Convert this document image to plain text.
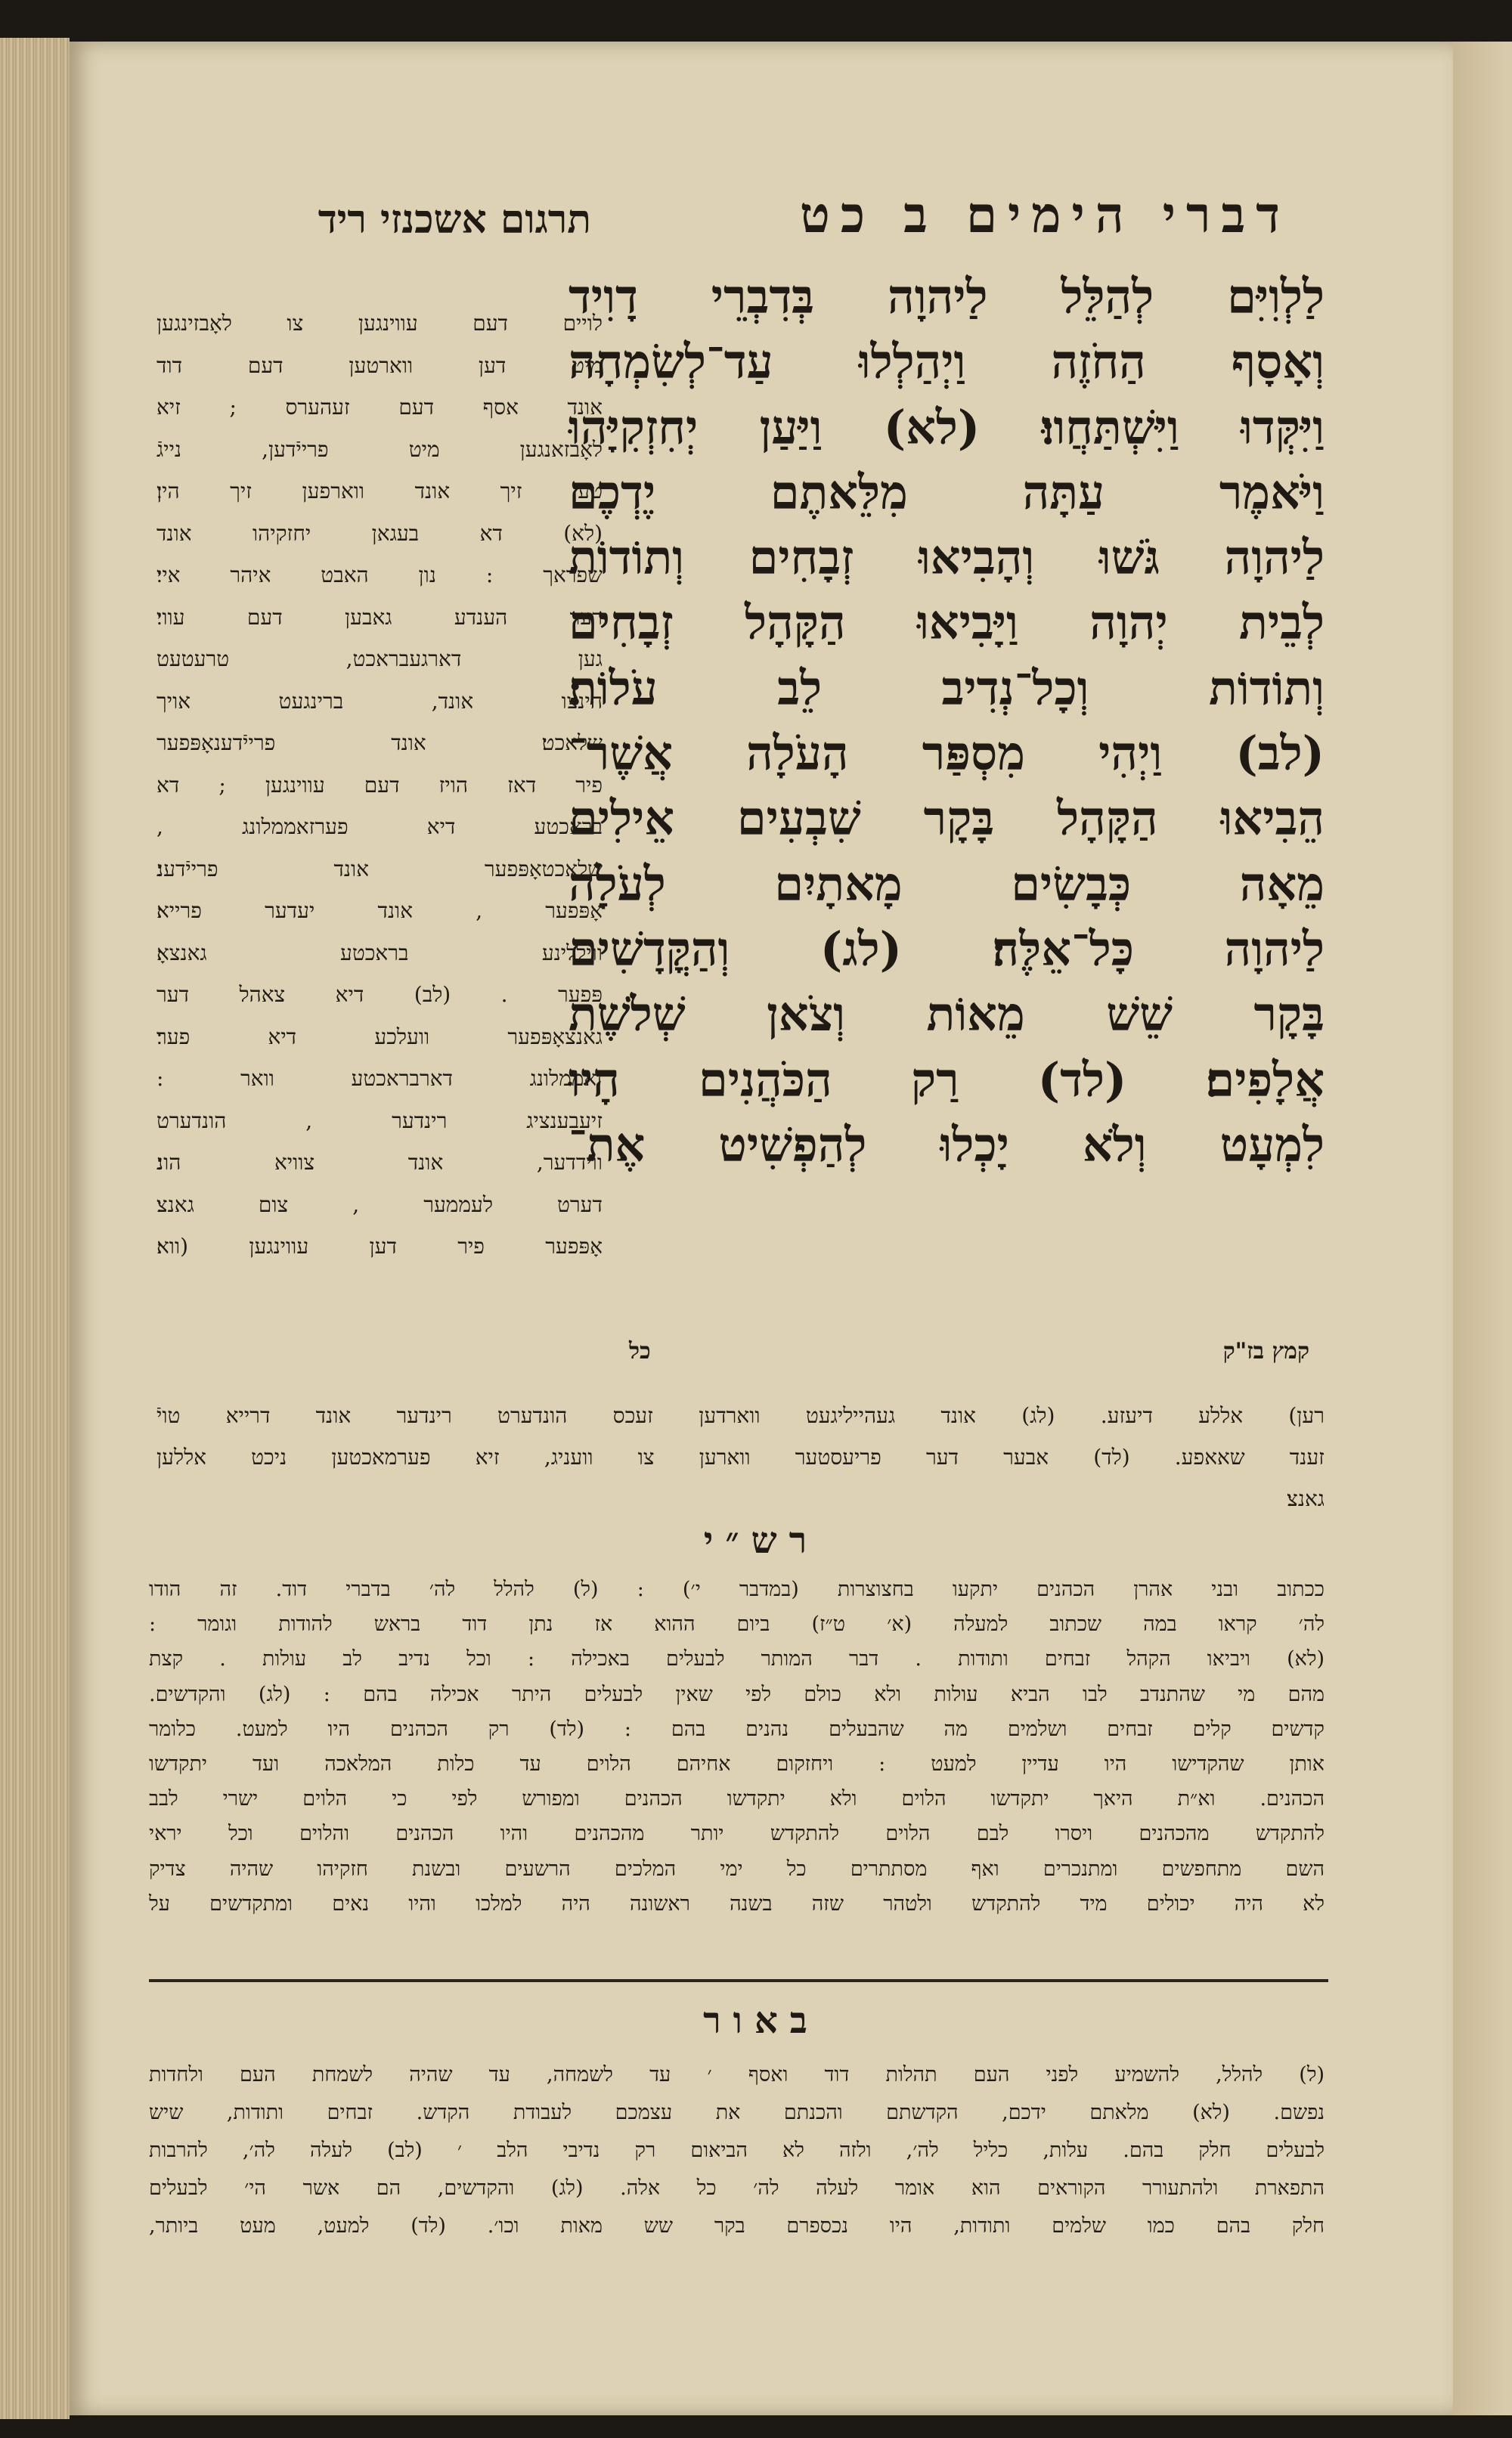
דברי הימים ב כט
תרגום אשכנזי ריד
לַלְוִיִּם לְהַלֵּל לַיהוָה בְּדִבְרֵי דָוִיד
וְאָסָף הַחֹזֶה וַיְהַלְלוּ עַד־לְשִׂמְחָה
וַיִּקְּדוּ וַיִּשְׁתַּחֲווּ׃ (לא) וַיַּעַן יְחִזְקִיָּהוּ
וַיֹּאמֶר עַתָּה מִלֵּאתֶם יֶדְכֶם
לַיהוָה גֹּשׁוּ וְהָבִיאוּ זְבָחִים וְתוֹדוֹת
לְבֵית יְהוָה וַיָּבִיאוּ הַקָּהָל זְבָחִים
וְתוֹדוֹת וְכָל־נְדִיב לֵב עֹלוֹת׃
(לב) וַיְהִי מִסְפַּר הָעֹלָה אֲשֶׁר־
הֵבִיאוּ הַקָּהָל בָּקָר שִׁבְעִים אֵילִים
מֵאָה כְּבָשִׂים מָאתָיִם לְעֹלָה
לַיהוָה כָּל־אֵלֶּה׃ (לג) וְהַקֳּדָשִׁים
בָּקָר שֵׁשׁ מֵאוֹת וְצֹאן שְׁלֹשֶׁת
אֲלָפִים׃ (לד) רַק הַכֹּהֲנִים הָיוּ
לִמְעָט וְלֹא יָכְלוּ לְהַפְשִׁיט אֶת־
לויים דעם עווינגען צו לאָבזינגען
מיט דען ווארטען דעם דוד
אונד אסף דעם זעהערס ; זיא
לאָבזאנגען מיט פרייֿדען, נייגֿ
טען זיך אונד ווארפען זיך הין׃
(לא) דא בעגאן יחזקיהו אונד
שפראך : נון האבט איהר איי׃
רער הענדע גאבען דעם עווי׃
גען דארגעבראכט, טרעטעט
הינצו אונד, ברינגעט אויך
שלאכט׃ אונד פרייֿדענאָפּפער
פיר דאז הויז דעם עווינגען ; דא
בראכטע דיא פערזאממלונג ,
שלאכטאָפּפער אונד פרייֿדענ׃
אָפּפער , אונד יעדער פרייא׃
וויללינע בראכטע גאנצאָ׃
פּפער . (לב) דיא צאהל דער
גאנצאָפּפער וועלכע דיא פער׃
זאממלונג דארבראכטע וואר :
זיעבענציג רינדער , הונדערט
ווידדער, אונד צוויא הונ׃
דערט לעממער , צום גאנצ׃
אָפּפער פיר דען עווינגען (ווא׃
קמץ בז"ק
כל
רען) אללע דיעזע. (לג) אונד געהייליגעט ווארדען זעכס הונדערט רינדער אונד דרייא טויֿ
זענד שאאפע. (לד) אבער דער פריעסטער ווארען צו וועניג, זיא פערמאכטען ניכט אללען
גאנצ׃
רש״י
ככתוב ובני אהרן הכהנים יתקעו בחצוצרות (במדבר י׳) : (ל) להלל לה׳ בדברי דוד. זה הודו
לה׳ קראו במה שכתוב למעלה (א׳ ט״ז) ביום ההוא אז נתן דוד בראש להודות וגומר :
(לא) ויביאו הקהל זבחים ותודות . דבר המותר לבעלים באכילה : וכל נדיב לב עולות . קצת
מהם מי שהתנדב לבו הביא עולות ולא כולם לפי שאין לבעלים היתר אכילה בהם : (לג) והקדשים.
קדשים קלים זבחים ושלמים מה שהבעלים נהנים בהם : (לד) רק הכהנים היו למעט. כלומר
אותן שהקדישו היו עדיין למעט : ויחזקום אחיהם הלוים עד כלות המלאכה ועד יתקדשו
הכהנים. וא״ת היאך יתקדשו הלוים ולא יתקדשו הכהנים ומפורש לפי כי הלוים ישרי לבב
להתקדש מהכהנים ויסרו לבם הלוים להתקדש יותר מהכהנים והיו הכהנים והלוים וכל יראי
השם מתחפשים ומתנכרים ואף מסתתרים כל ימי המלכים הרשעים ובשנת חזקיהו שהיה צדיק
לא היה יכולים מיד להתקדש ולטהר שזה בשנה ראשונה היה למלכו והיו נאים ומתקדשים על
באור
(ל) להלל, להשמיע לפני העם תהלות דוד ואסף ׳ עד לשמחה, עד שהיה לשמחת העם ולחדות
נפשם. (לא) מלאתם ידכם, הקדשתם והכנתם את עצמכם לעבודת הקדש. זבחים ותודות, שיש
לבעלים חלק בהם. עלות, כליל לה׳, ולזה לא הביאום רק נדיבי הלב ׳ (לב) לעלה לה׳, להרבות
התפארת ולהתעורר הקוראים הוא אומר לעלה לה׳ כל אלה. (לג) והקדשים, הם אשר הי׳ לבעלים
חלק בהם כמו שלמים ותודות, היו נכספרם בקר שש מאות וכו׳. (לד) למעט, מעט ביותר,
